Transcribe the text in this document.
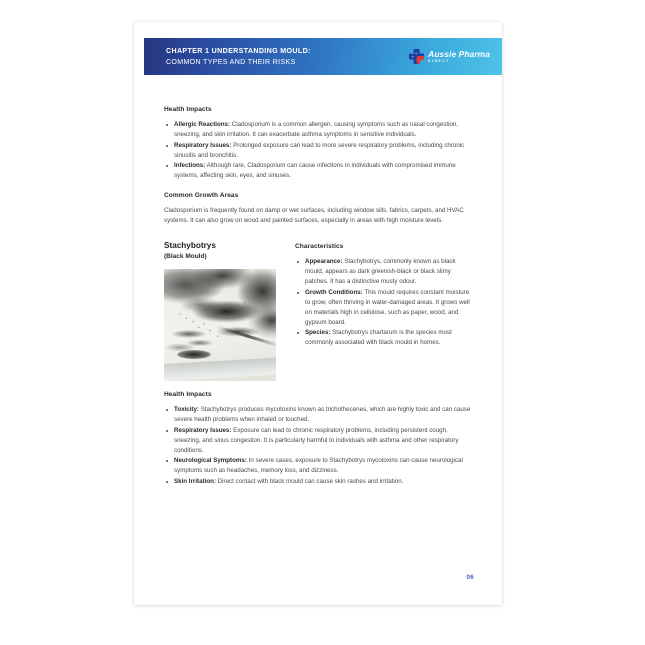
CHAPTER 1 UNDERSTANDING MOULD:
COMMON TYPES AND THEIR RISKS
Aussie Pharma
DIRECT
Health Impacts
Allergic Reactions: Cladosporium is a common allergen, causing symptoms such as nasal congestion, sneezing, and skin irritation. It can exacerbate asthma symptoms in sensitive individuals.
Respiratory Issues: Prolonged exposure can lead to more severe respiratory problems, including chronic sinusitis and bronchitis.
Infections: Although rare, Cladosporium can cause infections in individuals with compromised immune systems, affecting skin, eyes, and sinuses.
Common Growth Areas

Cladosporium is frequently found on damp or wet surfaces, including window sills, fabrics, carpets, and HVAC systems. It can also grow on wood and painted surfaces, especially in areas with high moisture levels.

Stachybotrys

(Black Mould)

Characteristics
Appearance: Stachybotrys, commonly known as black mould, appears as dark greenish-black or black slimy patches. It has a distinctive musty odour.
Growth Conditions: This mould requires constant moisture to grow, often thriving in water-damaged areas. It grows well on materials high in cellulose, such as paper, wood, and gypsum board.
Species: Stachybotrys chartarum is the species most commonly associated with black mould in homes.
Health Impacts
Toxicity: Stachybotrys produces mycotoxins known as trichothecenes, which are highly toxic and can cause severe health problems when inhaled or touched.
Respiratory Issues: Exposure can lead to chronic respiratory problems, including persistent cough, sneezing, and sinus congestion. It is particularly harmful to individuals with asthma and other respiratory conditions.
Neurological Symptoms: In severe cases, exposure to Stachybotrys mycotoxins can cause neurological symptoms such as headaches, memory loss, and dizziness.
Skin Irritation: Direct contact with black mould can cause skin rashes and irritation.
06
